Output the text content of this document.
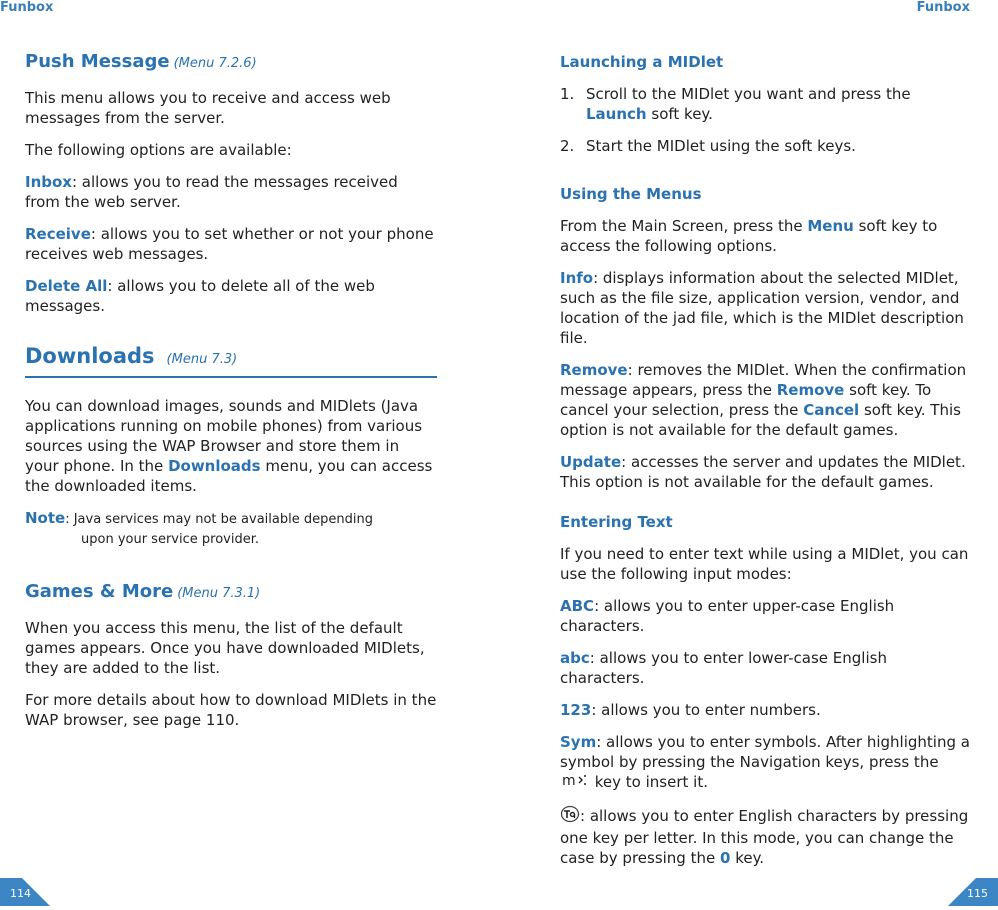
Funbox	Funbox
Push Message (Menu 7.2.6)

This menu allows you to receive and access web messages from the server.

The following options are available:

Inbox: allows you to read the messages received from the web server.

Receive: allows you to set whether or not your phone receives web messages.

Delete All: allows you to delete all of the web messages.

Downloads (Menu 7.3)

You can download images, sounds and MIDlets (Java applications running on mobile phones) from various sources using the WAP Browser and store them in your phone. In the Downloads menu, you can access the downloaded items.

Note: Java services may not be available depending
upon your service provider.
Games & More (Menu 7.3.1)

When you access this menu, the list of the default games appears. Once you have downloaded MIDlets, they are added to the list.

For more details about how to download MIDlets in the WAP browser, see page 110.

Launching a MIDlet
1. Scroll to the MIDlet you want and press the Launch soft key.
2. Start the MIDlet using the soft keys.
Using the Menus

From the Main Screen, press the Menu soft key to access the following options.

Info: displays information about the selected MIDlet, such as the file size, application version, vendor, and location of the jad file, which is the MIDlet description file.

Remove: removes the MIDlet. When the confirmation message appears, press the Remove soft key. To cancel your selection, press the Cancel soft key. This option is not available for the default games.

Update: accesses the server and updates the MIDlet. This option is not available for the default games.

Entering Text

If you need to enter text while using a MIDlet, you can use the following input modes:

ABC: allows you to enter upper-case English characters.

abc: allows you to enter lower-case English characters.

123: allows you to enter numbers.

Sym: allows you to enter symbols. After highlighting a symbol by pressing the Navigation keys, press the
m key to insert it.

: allows you to enter English characters by pressing one key per letter. In this mode, you can change the case by pressing the 0 key.

114	115
